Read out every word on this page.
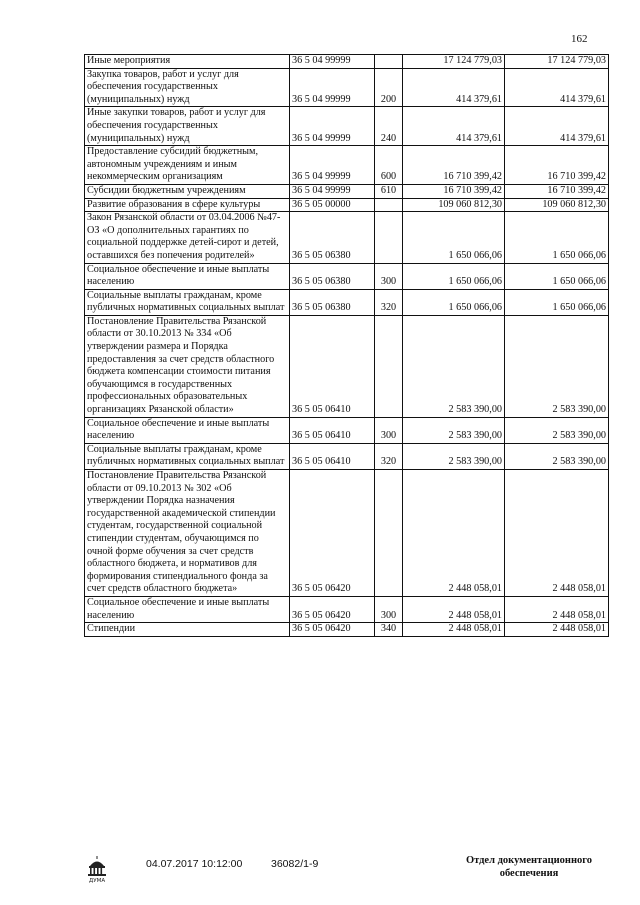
162
Иные мероприятия	36 5 04 99999		17 124 779,03	17 124 779,03
Закупка товаров, работ и услуг для обеспечения государственных (муниципальных) нужд	36 5 04 99999	200	414 379,61	414 379,61
Иные закупки товаров, работ и услуг для обеспечения государственных (муниципальных) нужд	36 5 04 99999	240	414 379,61	414 379,61
Предоставление субсидий бюджетным, автономным учреждениям и иным некоммерческим организациям	36 5 04 99999	600	16 710 399,42	16 710 399,42
Субсидии бюджетным учреждениям	36 5 04 99999	610	16 710 399,42	16 710 399,42
Развитие образования в сфере культуры	36 5 05 00000		109 060 812,30	109 060 812,30
Закон Рязанской области от 03.04.2006 №47-ОЗ «О дополнительных гарантиях по социальной поддержке детей-сирот и детей, оставшихся без попечения родителей»	36 5 05 06380		1 650 066,06	1 650 066,06
Социальное обеспечение и иные выплаты населению	36 5 05 06380	300	1 650 066,06	1 650 066,06
Социальные выплаты гражданам, кроме публичных нормативных социальных выплат	36 5 05 06380	320	1 650 066,06	1 650 066,06
Постановление Правительства Рязанской области от 30.10.2013 № 334 «Об утверждении размера и Порядка предоставления за счет средств областного бюджета компенсации стоимости питания обучающимся в государственных профессиональных образовательных организациях Рязанской области»	36 5 05 06410		2 583 390,00	2 583 390,00
Социальное обеспечение и иные выплаты населению	36 5 05 06410	300	2 583 390,00	2 583 390,00
Социальные выплаты гражданам, кроме публичных нормативных социальных выплат	36 5 05 06410	320	2 583 390,00	2 583 390,00
Постановление Правительства Рязанской области от 09.10.2013 № 302 «Об утверждении Порядка назначения государственной академической стипендии студентам, государственной социальной стипендии студентам, обучающимся по очной форме обучения за счет средств областного бюджета, и нормативов для формирования стипендиального фонда за счет средств областного бюджета»	36 5 05 06420		2 448 058,01	2 448 058,01
Социальное обеспечение и иные выплаты населению	36 5 05 06420	300	2 448 058,01	2 448 058,01
Стипендии	36 5 05 06420	340	2 448 058,01	2 448 058,01
ДУМА
04.07.2017 10:12:00	36082/1-9	Отдел документационного
обеспечения
